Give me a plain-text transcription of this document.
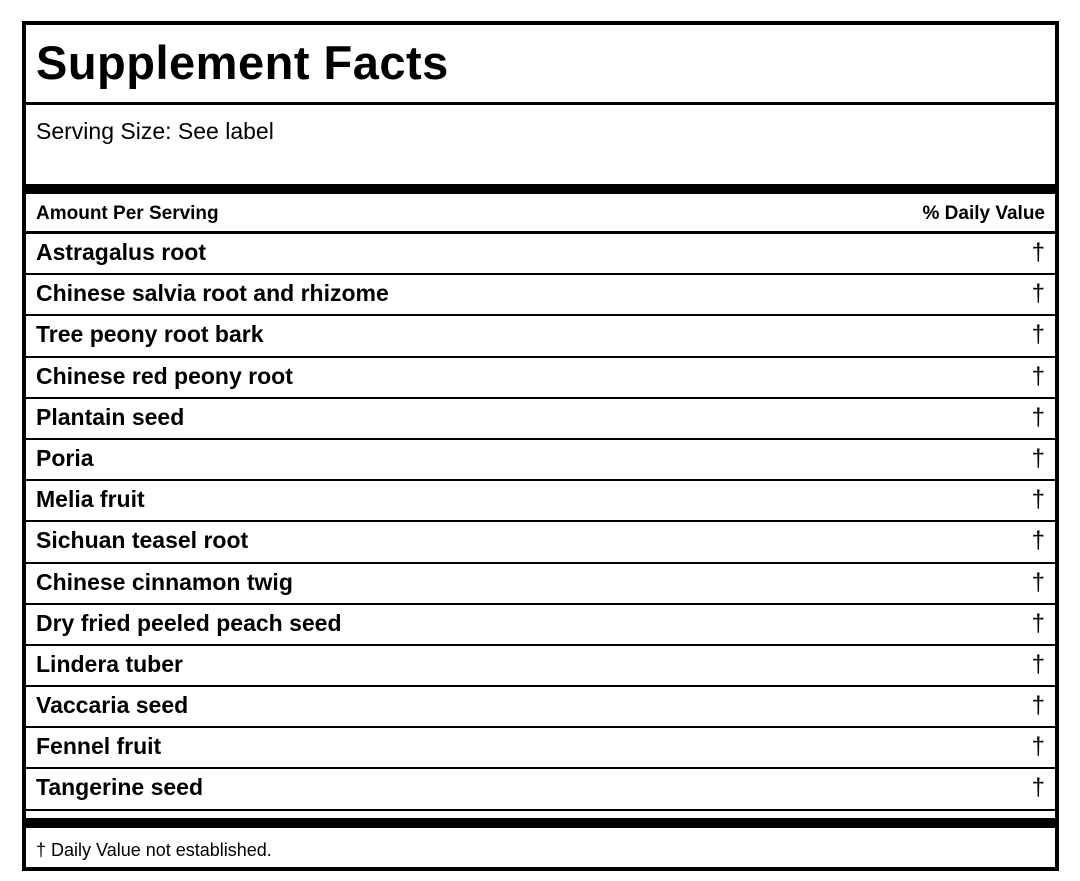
Supplement Facts
Serving Size: See label
Amount Per Serving	% Daily Value
Astragalus root	†
Chinese salvia root and rhizome	†
Tree peony root bark	†
Chinese red peony root	†
Plantain seed	†
Poria	†
Melia fruit	†
Sichuan teasel root	†
Chinese cinnamon twig	†
Dry fried peeled peach seed	†
Lindera tuber	†
Vaccaria seed	†
Fennel fruit	†
Tangerine seed	†
† Daily Value not established.
